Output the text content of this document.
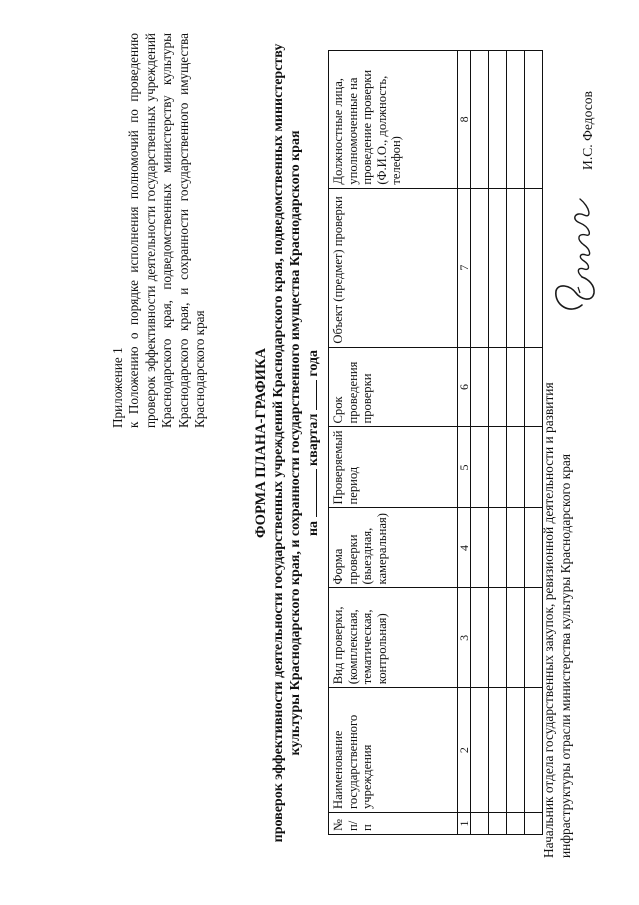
Приложение 1 к Положению о порядке исполнения полномочий по проведению проверок эффективности деятельности государственных учреждений Краснодарского края, подведомственных министерству культуры Краснодарского края, и сохранности государственного имущества Краснодарского края	ФОРМА ПЛАНА-ГРАФИКА проверок эффективности деятельности государственных учреждений Краснодарского края, подведомственных министерству культуры Краснодарского края, и сохранности государственного имущества Краснодарского края на  квартал  года
№ п/п	Наименование государственного учреждения	Вид проверки, (комплексная, тематическая, контрольная)	Форма проверки (выездная, камеральная)	Проверяемый период	Срок проведения проверки	Объект (предмет) проверки	Должностные лица, уполномоченные на проведение проверки (Ф.И.О., должность, телефон)
1	2	3	4	5	6	7	8

Начальник отдела государственных закупок, ревизионной деятельности и развития инфраструктуры отрасли министерства культуры Краснодарского края
И.С. Федосов
